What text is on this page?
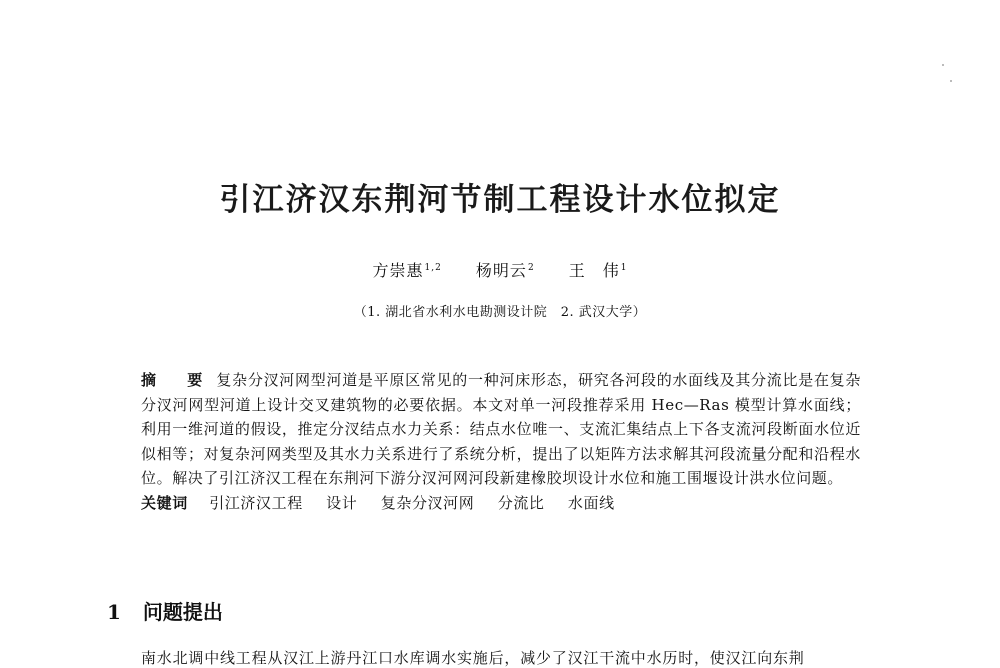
引江济汉东荆河节制工程设计水位拟定
方崇惠$^{1,2}$ 杨明云$^2$ 王　伟$^1$
（1. 湖北省水利水电勘测设计院　2. 武汉大学）
摘　要 复杂分汊河网型河道是平原区常见的一种河床形态，研究各河段的水面线及其分流比是在复杂分汊河网型河道上设计交叉建筑物的必要依据。本文对单一河段推荐采用 Hec—Ras 模型计算水面线；利用一维河道的假设，推定分汊结点水力关系：结点水位唯一、支流汇集结点上下各支流河段断面水位近似相等；对复杂河网类型及其水力关系进行了系统分析，提出了以矩阵方法求解其河段流量分配和沿程水位。解决了引江济汉工程在东荆河下游分汊河网河段新建橡胶坝设计水位和施工围堰设计洪水位问题。
关键词 引江济汉工程 设计 复杂分汊河网 分流比 水面线
1 问题提出
南水北调中线工程从汉江上游丹江口水库调水实施后，减少了汉江干流中水历时，使汉江向东荆
